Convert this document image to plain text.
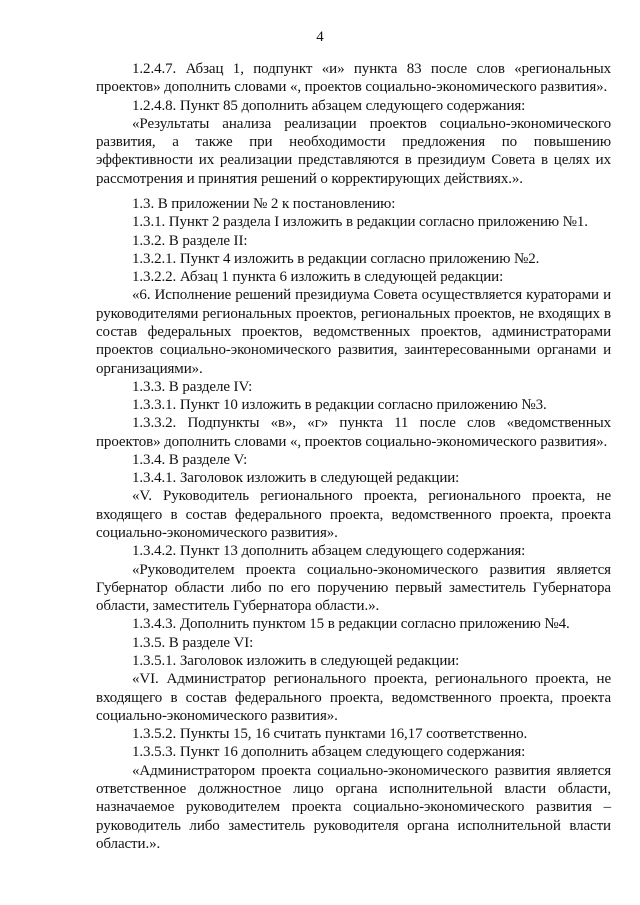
4

1.2.4.7. Абзац 1, подпункт «и» пункта 83 после слов «региональных проектов» дополнить словами «, проектов социально-экономического развития».

1.2.4.8. Пункт 85 дополнить абзацем следующего содержания:

«Результаты анализа реализации проектов социально-экономического развития, а также при необходимости предложения по повышению эффективности их реализации представляются в президиум Совета в целях их рассмотрения и принятия решений о корректирующих действиях.».

1.3. В приложении № 2 к постановлению:

1.3.1. Пункт 2 раздела I изложить в редакции согласно приложению №1.

1.3.2. В разделе II:

1.3.2.1. Пункт 4 изложить в редакции согласно приложению №2.

1.3.2.2. Абзац 1 пункта 6 изложить в следующей редакции:

«6. Исполнение решений президиума Совета осуществляется кураторами и руководителями региональных проектов, региональных проектов, не входящих в состав федеральных проектов, ведомственных проектов, администраторами проектов социально-экономического развития, заинтересованными органами и организациями».

1.3.3. В разделе IV:

1.3.3.1. Пункт 10 изложить в редакции согласно приложению №3.

1.3.3.2. Подпункты «в», «г» пункта 11 после слов «ведомственных проектов» дополнить словами «, проектов социально-экономического развития».

1.3.4. В разделе V:

1.3.4.1. Заголовок изложить в следующей редакции:

«V. Руководитель регионального проекта, регионального проекта, не входящего в состав федерального проекта, ведомственного проекта, проекта социально-экономического развития».

1.3.4.2. Пункт 13 дополнить абзацем следующего содержания:

«Руководителем проекта социально-экономического развития является Губернатор области либо по его поручению первый заместитель Губернатора области, заместитель Губернатора области.».

1.3.4.3. Дополнить пунктом 15 в редакции согласно приложению №4.

1.3.5. В разделе VI:

1.3.5.1. Заголовок изложить в следующей редакции:

«VI. Администратор регионального проекта, регионального проекта, не входящего в состав федерального проекта, ведомственного проекта, проекта социально-экономического развития».

1.3.5.2. Пункты 15, 16 считать пунктами 16,17 соответственно.

1.3.5.3. Пункт 16 дополнить абзацем следующего содержания:

«Администратором проекта социально-экономического развития является ответственное должностное лицо органа исполнительной власти области, назначаемое руководителем проекта социально-экономического развития – руководитель либо заместитель руководителя органа исполнительной власти области.».
